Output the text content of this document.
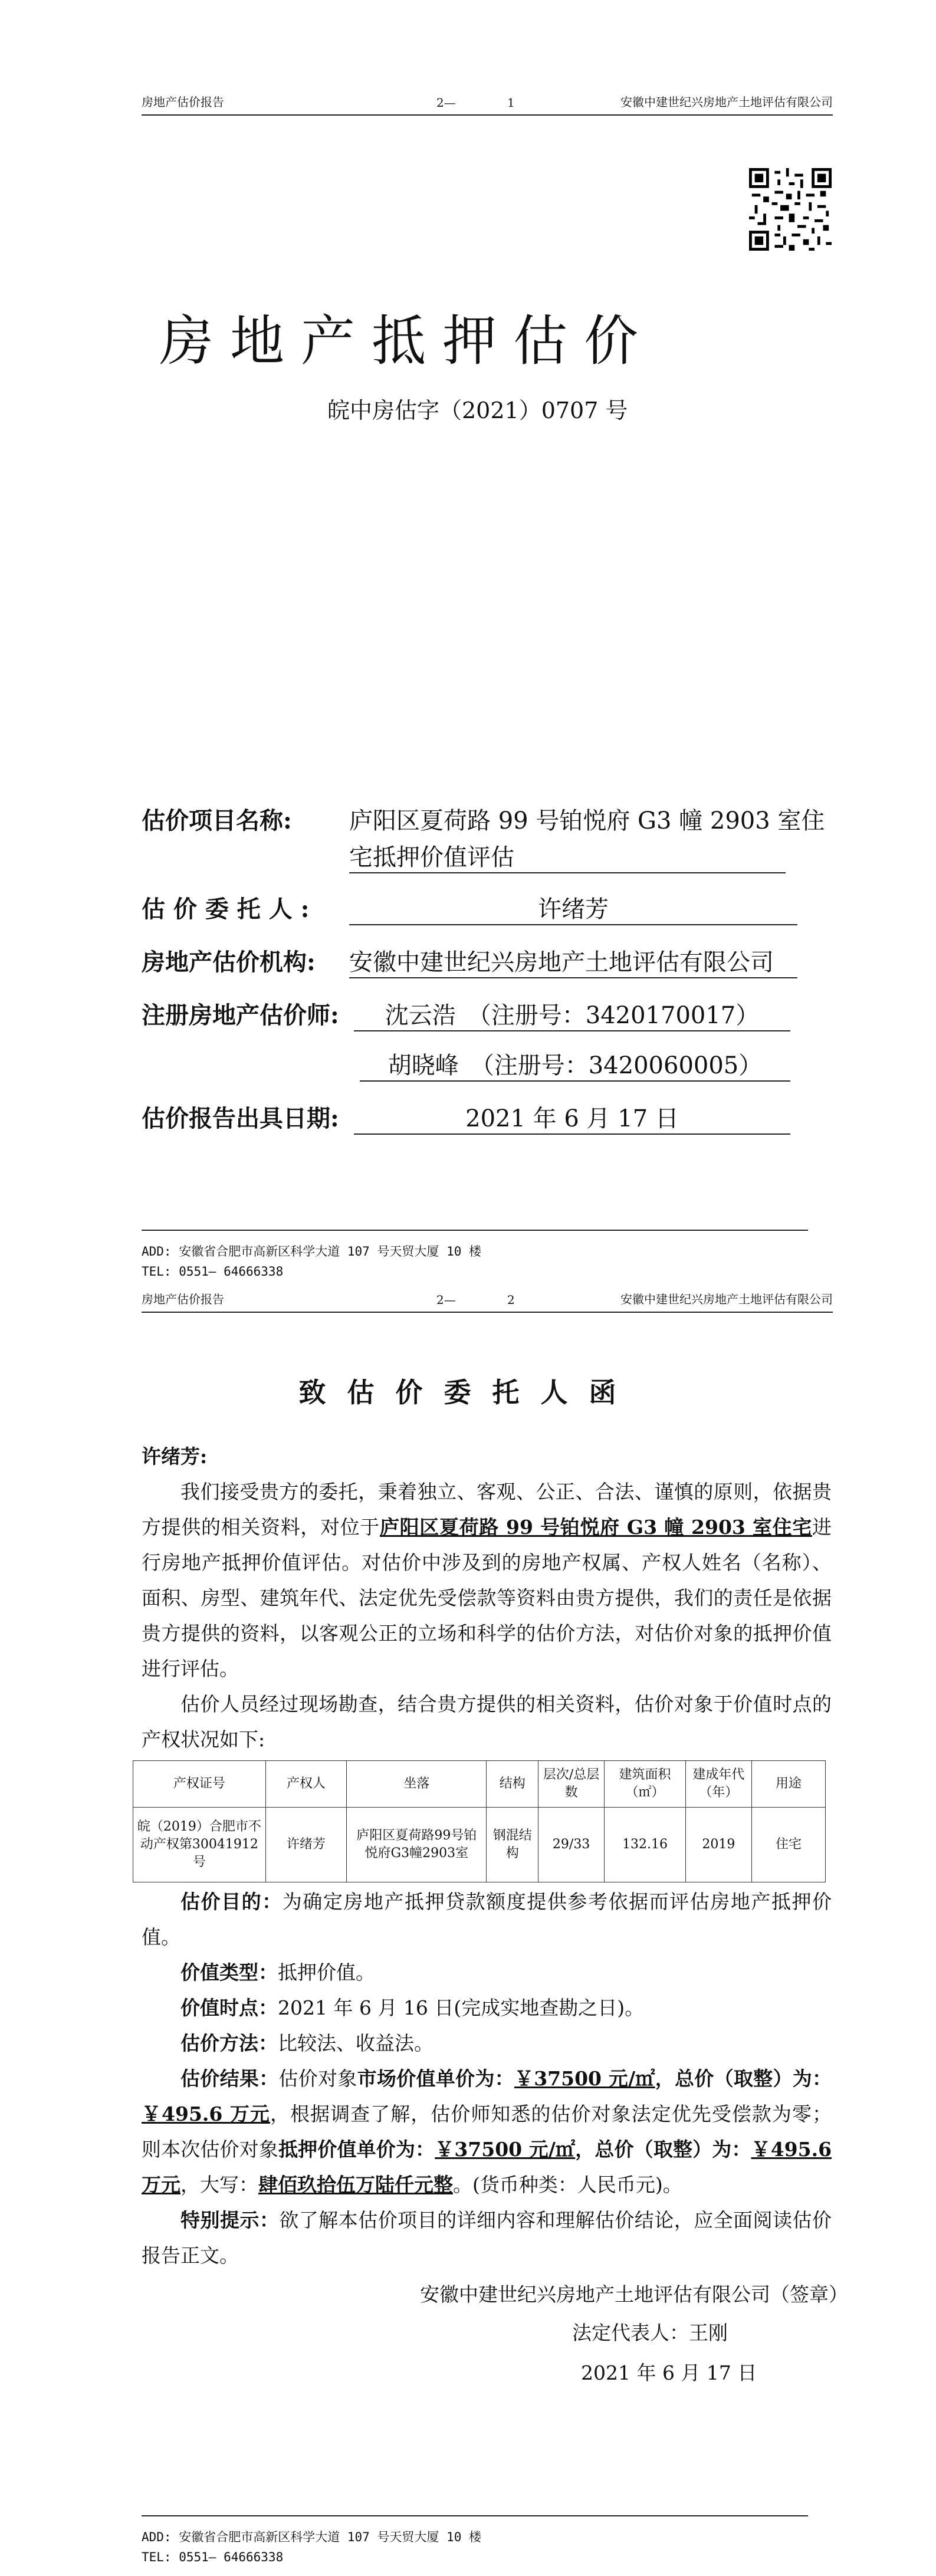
房地产估价报告	2—	1	安徽中建世纪兴房地产土地评估有限公司
房地产抵押估价
皖中房估字（2021）0707 号
估价项目名称: 庐阳区夏荷路 99 号铂悦府 G3 幢 2903 室住
宅抵押价值评估
估 价 委 托 人 :	许绪芳
房地产估价机构: 安徽中建世纪兴房地产土地评估有限公司
注册房地产估价师:	沈云浩　（注册号：3420170017）
胡晓峰　（注册号：3420060005）
估价报告出具日期:	2021 年 6 月 17 日
ADD: 安徽省合肥市高新区科学大道 107 号天贸大厦 10 楼
TEL: 0551— 64666338
房地产估价报告	2—	2	安徽中建世纪兴房地产土地评估有限公司
致估价委托人函

许绪芳:

我们接受贵方的委托，秉着独立、客观、公正、合法、谨慎的原则，依据贵方提供的相关资料，对位于庐阳区夏荷路 99 号铂悦府 G3 幢 2903 室住宅进行房地产抵押价值评估。对估价中涉及到的房地产权属、产权人姓名（名称）、面积、房型、建筑年代、法定优先受偿款等资料由贵方提供，我们的责任是依据贵方提供的资料，以客观公正的立场和科学的估价方法，对估价对象的抵押价值进行评估。

估价人员经过现场勘查，结合贵方提供的相关资料，估价对象于价值时点的产权状况如下:

产权证号	产权人	坐落	结构	层次/总层数	建筑面积（㎡）	建成年代（年）	用途
皖（2019）合肥市不动产权第30041912号	许绪芳	庐阳区夏荷路99号铂悦府G3幢2903室	钢混结构	29/33	132.16	2019	住宅

估价目的：为确定房地产抵押贷款额度提供参考依据而评估房地产抵押价值。

价值类型：抵押价值。

价值时点：2021 年 6 月 16 日(完成实地查勘之日)。

估价方法：比较法、收益法。

估价结果：估价对象市场价值单价为：￥37500 元/㎡，总价（取整）为：￥495.6 万元，根据调查了解，估价师知悉的估价对象法定优先受偿款为零；则本次估价对象抵押价值单价为：￥37500 元/㎡，总价（取整）为：￥495.6 万元，大写：肆佰玖拾伍万陆仟元整。(货币种类：人民币元)。

特别提示：欲了解本估价项目的详细内容和理解估价结论，应全面阅读估价报告正文。

安徽中建世纪兴房地产土地评估有限公司（签章）
法定代表人：王刚
2021 年 6 月 17 日
ADD: 安徽省合肥市高新区科学大道 107 号天贸大厦 10 楼
TEL: 0551— 64666338
